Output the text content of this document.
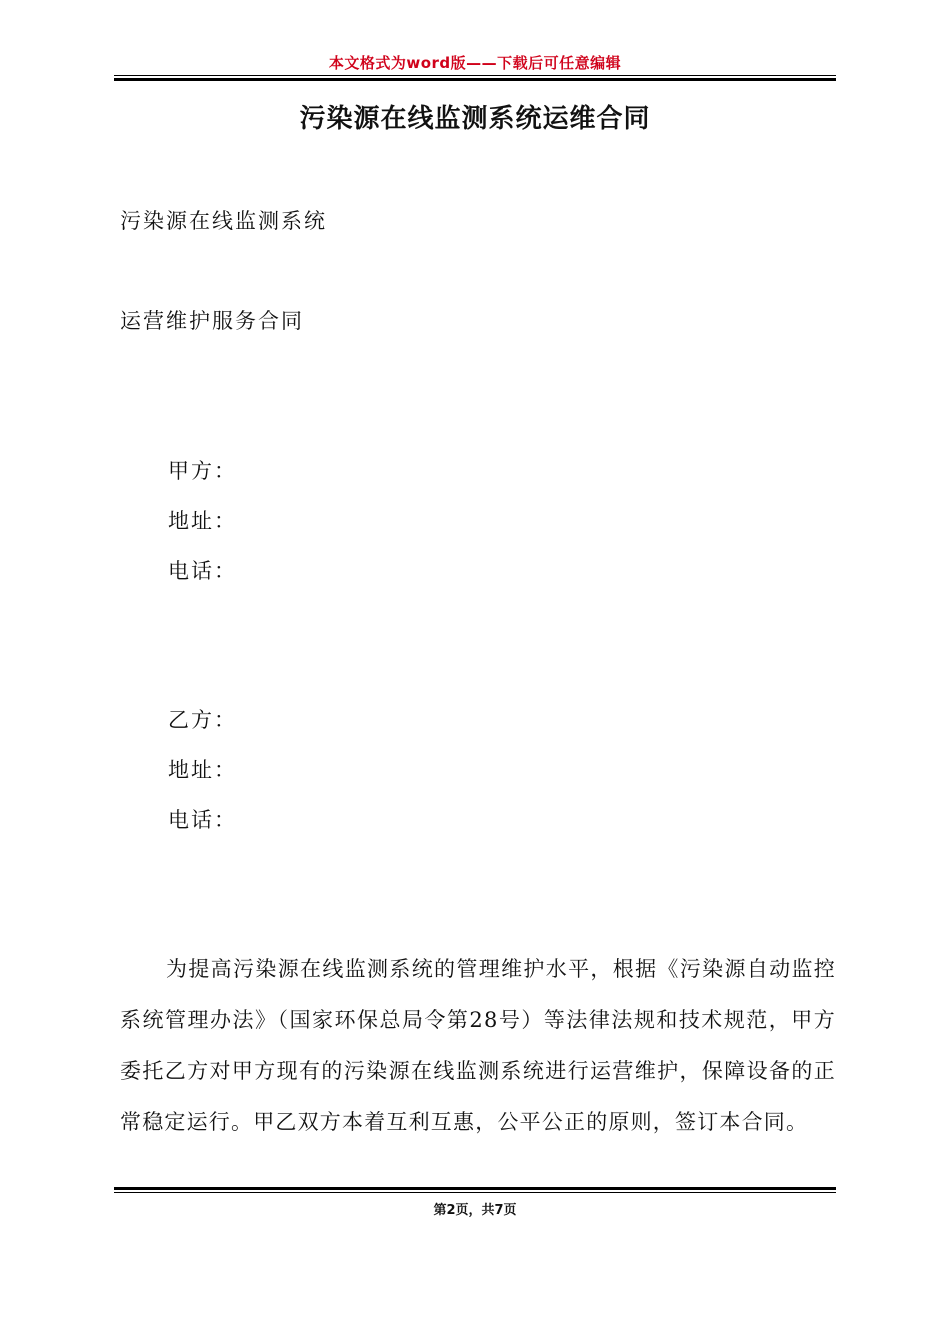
本文格式为word版——下载后可任意编辑
污染源在线监测系统运维合同
污染源在线监测系统
运营维护服务合同
甲方：
地址：
电话：
乙方：
地址：
电话：

为提高污染源在线监测系统的管理维护水平，根据《污染源自动监控系统管理办法》（国家环保总局令第28号）等法律法规和技术规范，甲方委托乙方对甲方现有的污染源在线监测系统进行运营维护，保障设备的正常稳定运行。甲乙双方本着互利互惠，公平公正的原则，签订本合同。

第2页，共7页
